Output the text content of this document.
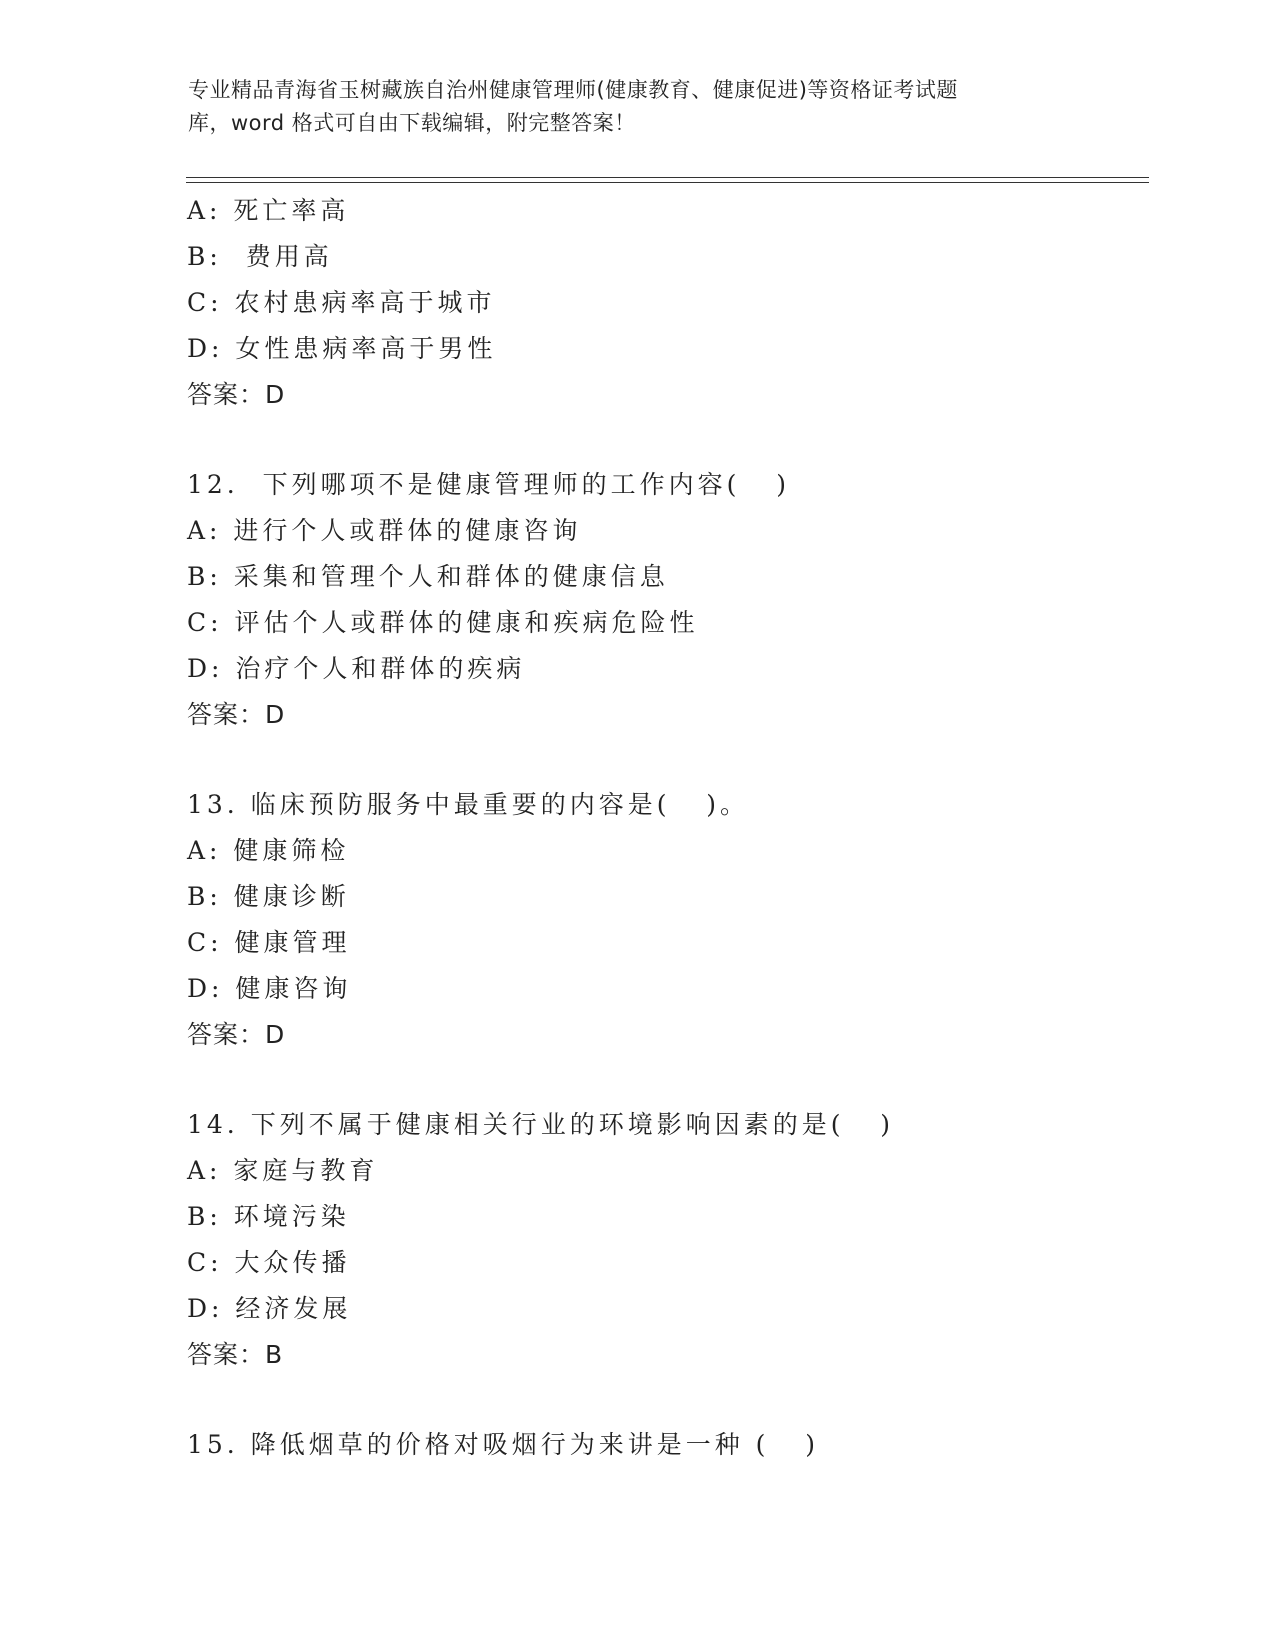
专业精品青海省玉树藏族自治州健康管理师(健康教育、健康促进)等资格证考试题
库，word 格式可自由下载编辑，附完整答案！
A: 死亡率高
B:  费用高
C: 农村患病率高于城市
D: 女性患病率高于男性
答案：D
12.  下列哪项不是健康管理师的工作内容(   )
A: 进行个人或群体的健康咨询
B: 采集和管理个人和群体的健康信息
C: 评估个人或群体的健康和疾病危险性
D: 治疗个人和群体的疾病
答案：D
13. 临床预防服务中最重要的内容是(   )。
A: 健康筛检
B: 健康诊断
C: 健康管理
D: 健康咨询
答案：D
14. 下列不属于健康相关行业的环境影响因素的是(   )
A: 家庭与教育
B: 环境污染
C: 大众传播
D: 经济发展
答案：B
15. 降低烟草的价格对吸烟行为来讲是一种 (   )
